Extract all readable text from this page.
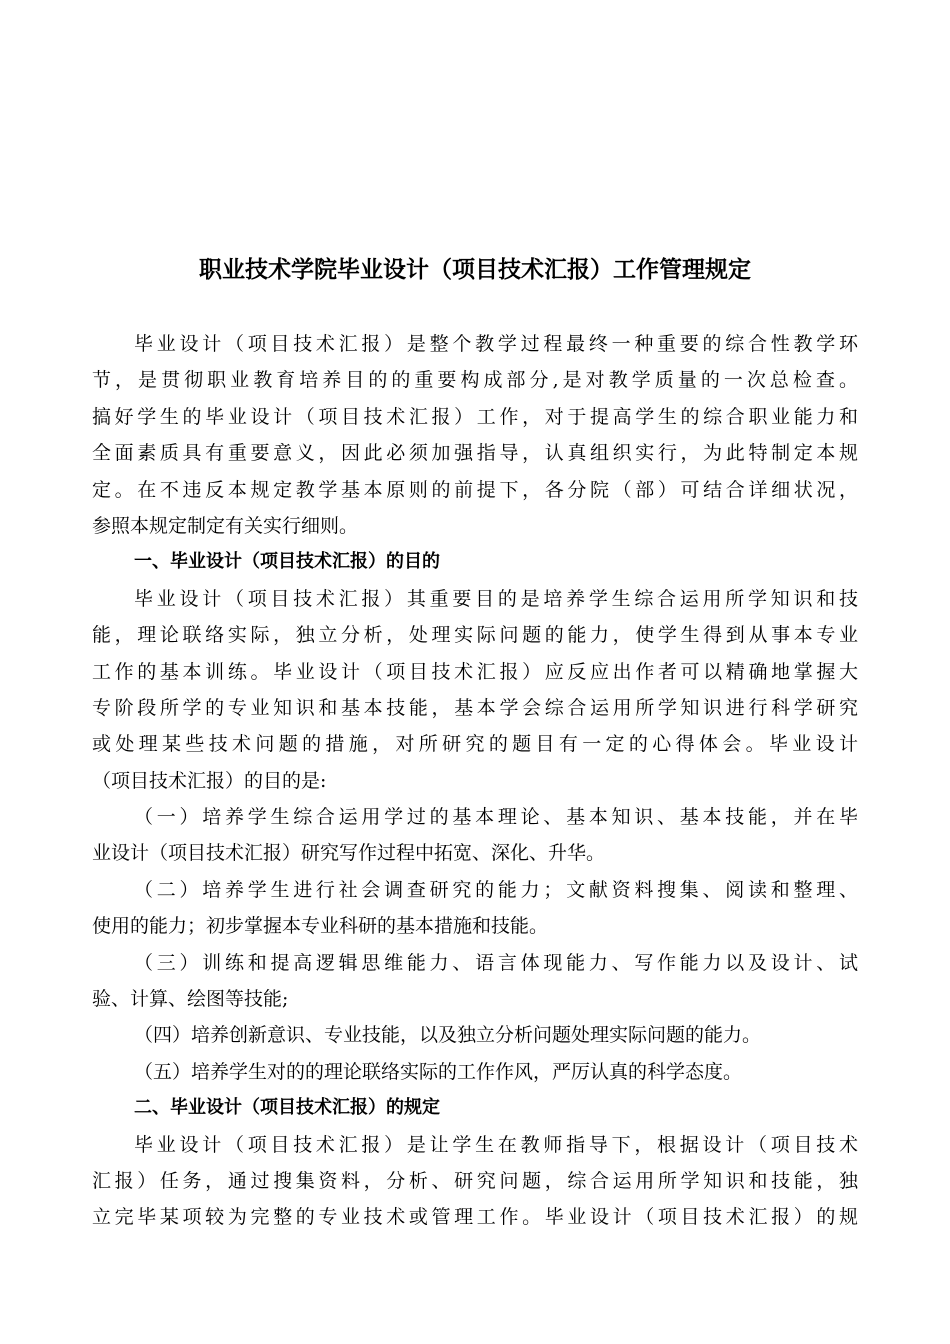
职业技术学院毕业设计（项目技术汇报）工作管理规定
毕业设计（项目技术汇报）是整个教学过程最终一种重要的综合性教学环
节，是贯彻职业教育培养目的的重要构成部分,是对教学质量的一次总检查。
搞好学生的毕业设计（项目技术汇报）工作，对于提高学生的综合职业能力和
全面素质具有重要意义，因此必须加强指导，认真组织实行，为此特制定本规
定。在不违反本规定教学基本原则的前提下，各分院（部）可结合详细状况，
参照本规定制定有关实行细则。
一、毕业设计（项目技术汇报）的目的
毕业设计（项目技术汇报）其重要目的是培养学生综合运用所学知识和技
能，理论联络实际，独立分析，处理实际问题的能力，使学生得到从事本专业
工作的基本训练。毕业设计（项目技术汇报）应反应出作者可以精确地掌握大
专阶段所学的专业知识和基本技能，基本学会综合运用所学知识进行科学研究
或处理某些技术问题的措施，对所研究的题目有一定的心得体会。毕业设计
（项目技术汇报）的目的是:
（一）培养学生综合运用学过的基本理论、基本知识、基本技能，并在毕
业设计（项目技术汇报）研究写作过程中拓宽、深化、升华。
（二）培养学生进行社会调查研究的能力；文献资料搜集、阅读和整理、
使用的能力；初步掌握本专业科研的基本措施和技能。
（三）训练和提高逻辑思维能力、语言体现能力、写作能力以及设计、试
验、计算、绘图等技能;
（四）培养创新意识、专业技能，以及独立分析问题处理实际问题的能力。
（五）培养学生对的的理论联络实际的工作作风，严厉认真的科学态度。
二、毕业设计（项目技术汇报）的规定
毕业设计（项目技术汇报）是让学生在教师指导下，根据设计（项目技术
汇报）任务，通过搜集资料，分析、研究问题，综合运用所学知识和技能，独
立完毕某项较为完整的专业技术或管理工作。毕业设计（项目技术汇报）的规
